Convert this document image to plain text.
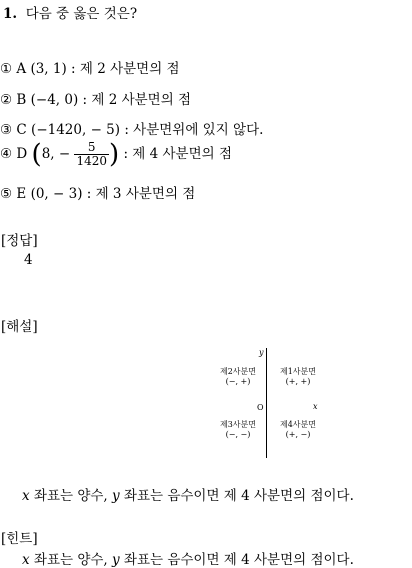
1. 다음 중 옳은 것은?
① A (3, 1) : 제 2 사분면의 점
② B (−4, 0) : 제 2 사분면의 점
③ C (−1420, − 5) : 사분면위에 있지 않다.
④ D (8, − $\frac{5}{1420}$ ) : 제 4 사분면의 점
⑤ E (0, − 3) : 제 3 사분면의 점
[정답]
4
[해설]
y
제2사분면
(−, +)
제1사분면
(+, +)
O	x
제3사분면
(−, −)
제4사분면
(+, −)
x 좌표는 양수, y 좌표는 음수이면 제 4 사분면의 점이다.
[힌트]
x 좌표는 양수, y 좌표는 음수이면 제 4 사분면의 점이다.
